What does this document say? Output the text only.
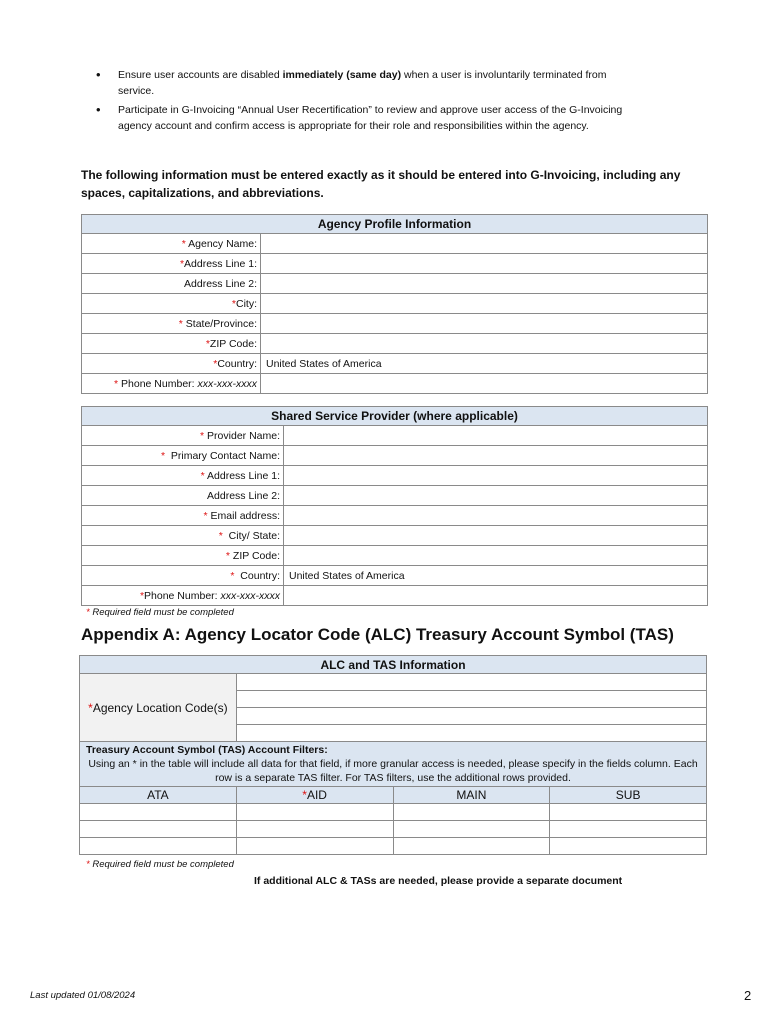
• Ensure user accounts are disabled immediately (same day) when a user is involuntarily terminated from service.
• Participate in G-Invoicing “Annual User Recertification” to review and approve user access of the G-Invoicing agency account and confirm access is appropriate for their role and responsibilities within the agency.
The following information must be entered exactly as it should be entered into G-Invoicing, including any spaces, capitalizations, and abbreviations.
Agency Profile Information	
* Agency Name:	
*Address Line 1:	
Address Line 2:	
*City:	
* State/Province:	
*ZIP Code:	
*Country:	United States of America
* Phone Number: xxx-xxx-xxxx	
Shared Service Provider (where applicable)	
* Provider Name:	
*  Primary Contact Name:	
* Address Line 1:	
Address Line 2:	
* Email address:	
*  City/ State:	
* ZIP Code:	
*  Country:	United States of America
*Phone Number: xxx-xxx-xxxx	
* Required field must be completed
Appendix A: Agency Locator Code (ALC) Treasury Account Symbol (TAS)
ALC and TAS Information			
*Agency Location Code(s)			

Treasury Account Symbol (TAS) Account Filters:
Using an * in the table will include all data for that field, if more granular access is needed, please specify in the fields column. Each row is a separate TAS filter. For TAS filters, use the additional rows provided.			

ATA	*AID	MAIN	SUB

* Required field must be completed
If additional ALC & TASs are needed, please provide a separate document
Last updated 01/08/2024	2
